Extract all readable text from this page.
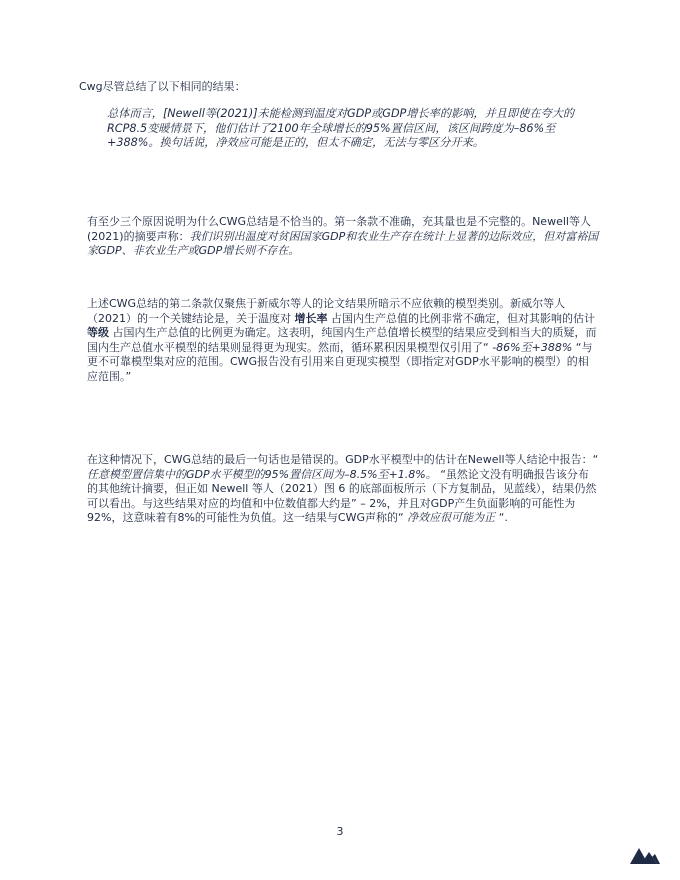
Cwg尽管总结了以下相同的结果：

总体而言，[Newell等(2021)]未能检测到温度对GDP或GDP增长率的影响，并且即使在夸大的RCP8.5变暖情景下，他们估计了2100年全球增长的95%置信区间，该区间跨度为–86%至+388%。换句话说，净效应可能是正的，但太不确定，无法与零区分开来。

有至少三个原因说明为什么CWG总结是不恰当的。第一条款不准确，充其量也是不完整的。Newell等人(2021)的摘要声称：我们识别出温度对贫困国家GDP和农业生产存在统计上显著的边际效应，但对富裕国家GDP、非农业生产或GDP增长则不存在。

上述CWG总结的第二条款仅聚焦于新威尔等人的论文结果所暗示不应依赖的模型类别。新威尔等人（2021）的一个关键结论是，关于温度对 增长率 占国内生产总值的比例非常不确定，但对其影响的估计 等级 占国内生产总值的比例更为确定。这表明，纯国内生产总值增长模型的结果应受到相当大的质疑，而国内生产总值水平模型的结果则显得更为现实。然而，循环累积因果模型仅引用了“ -86%至+388% “与更不可靠模型集对应的范围。CWG报告没有引用来自更现实模型（即指定对GDP水平影响的模型）的相应范围。”

在这种情况下，CWG总结的最后一句话也是错误的。GDP水平模型中的估计在Newell等人结论中报告：“ 任意模型置信集中的GDP水平模型的95%置信区间为–8.5%至+1.8%。 “虽然论文没有明确报告该分布的其他统计摘要，但正如 Newell 等人（2021）图 6 的底部面板所示（下方复制品，见蓝线），结果仍然可以看出。与这些结果对应的均值和中位数值都大约是” – 2%，并且对GDP产生负面影响的可能性为92%，这意味着有8%的可能性为负值。这一结果与CWG声称的“ 净效应很可能为正 “.

3
